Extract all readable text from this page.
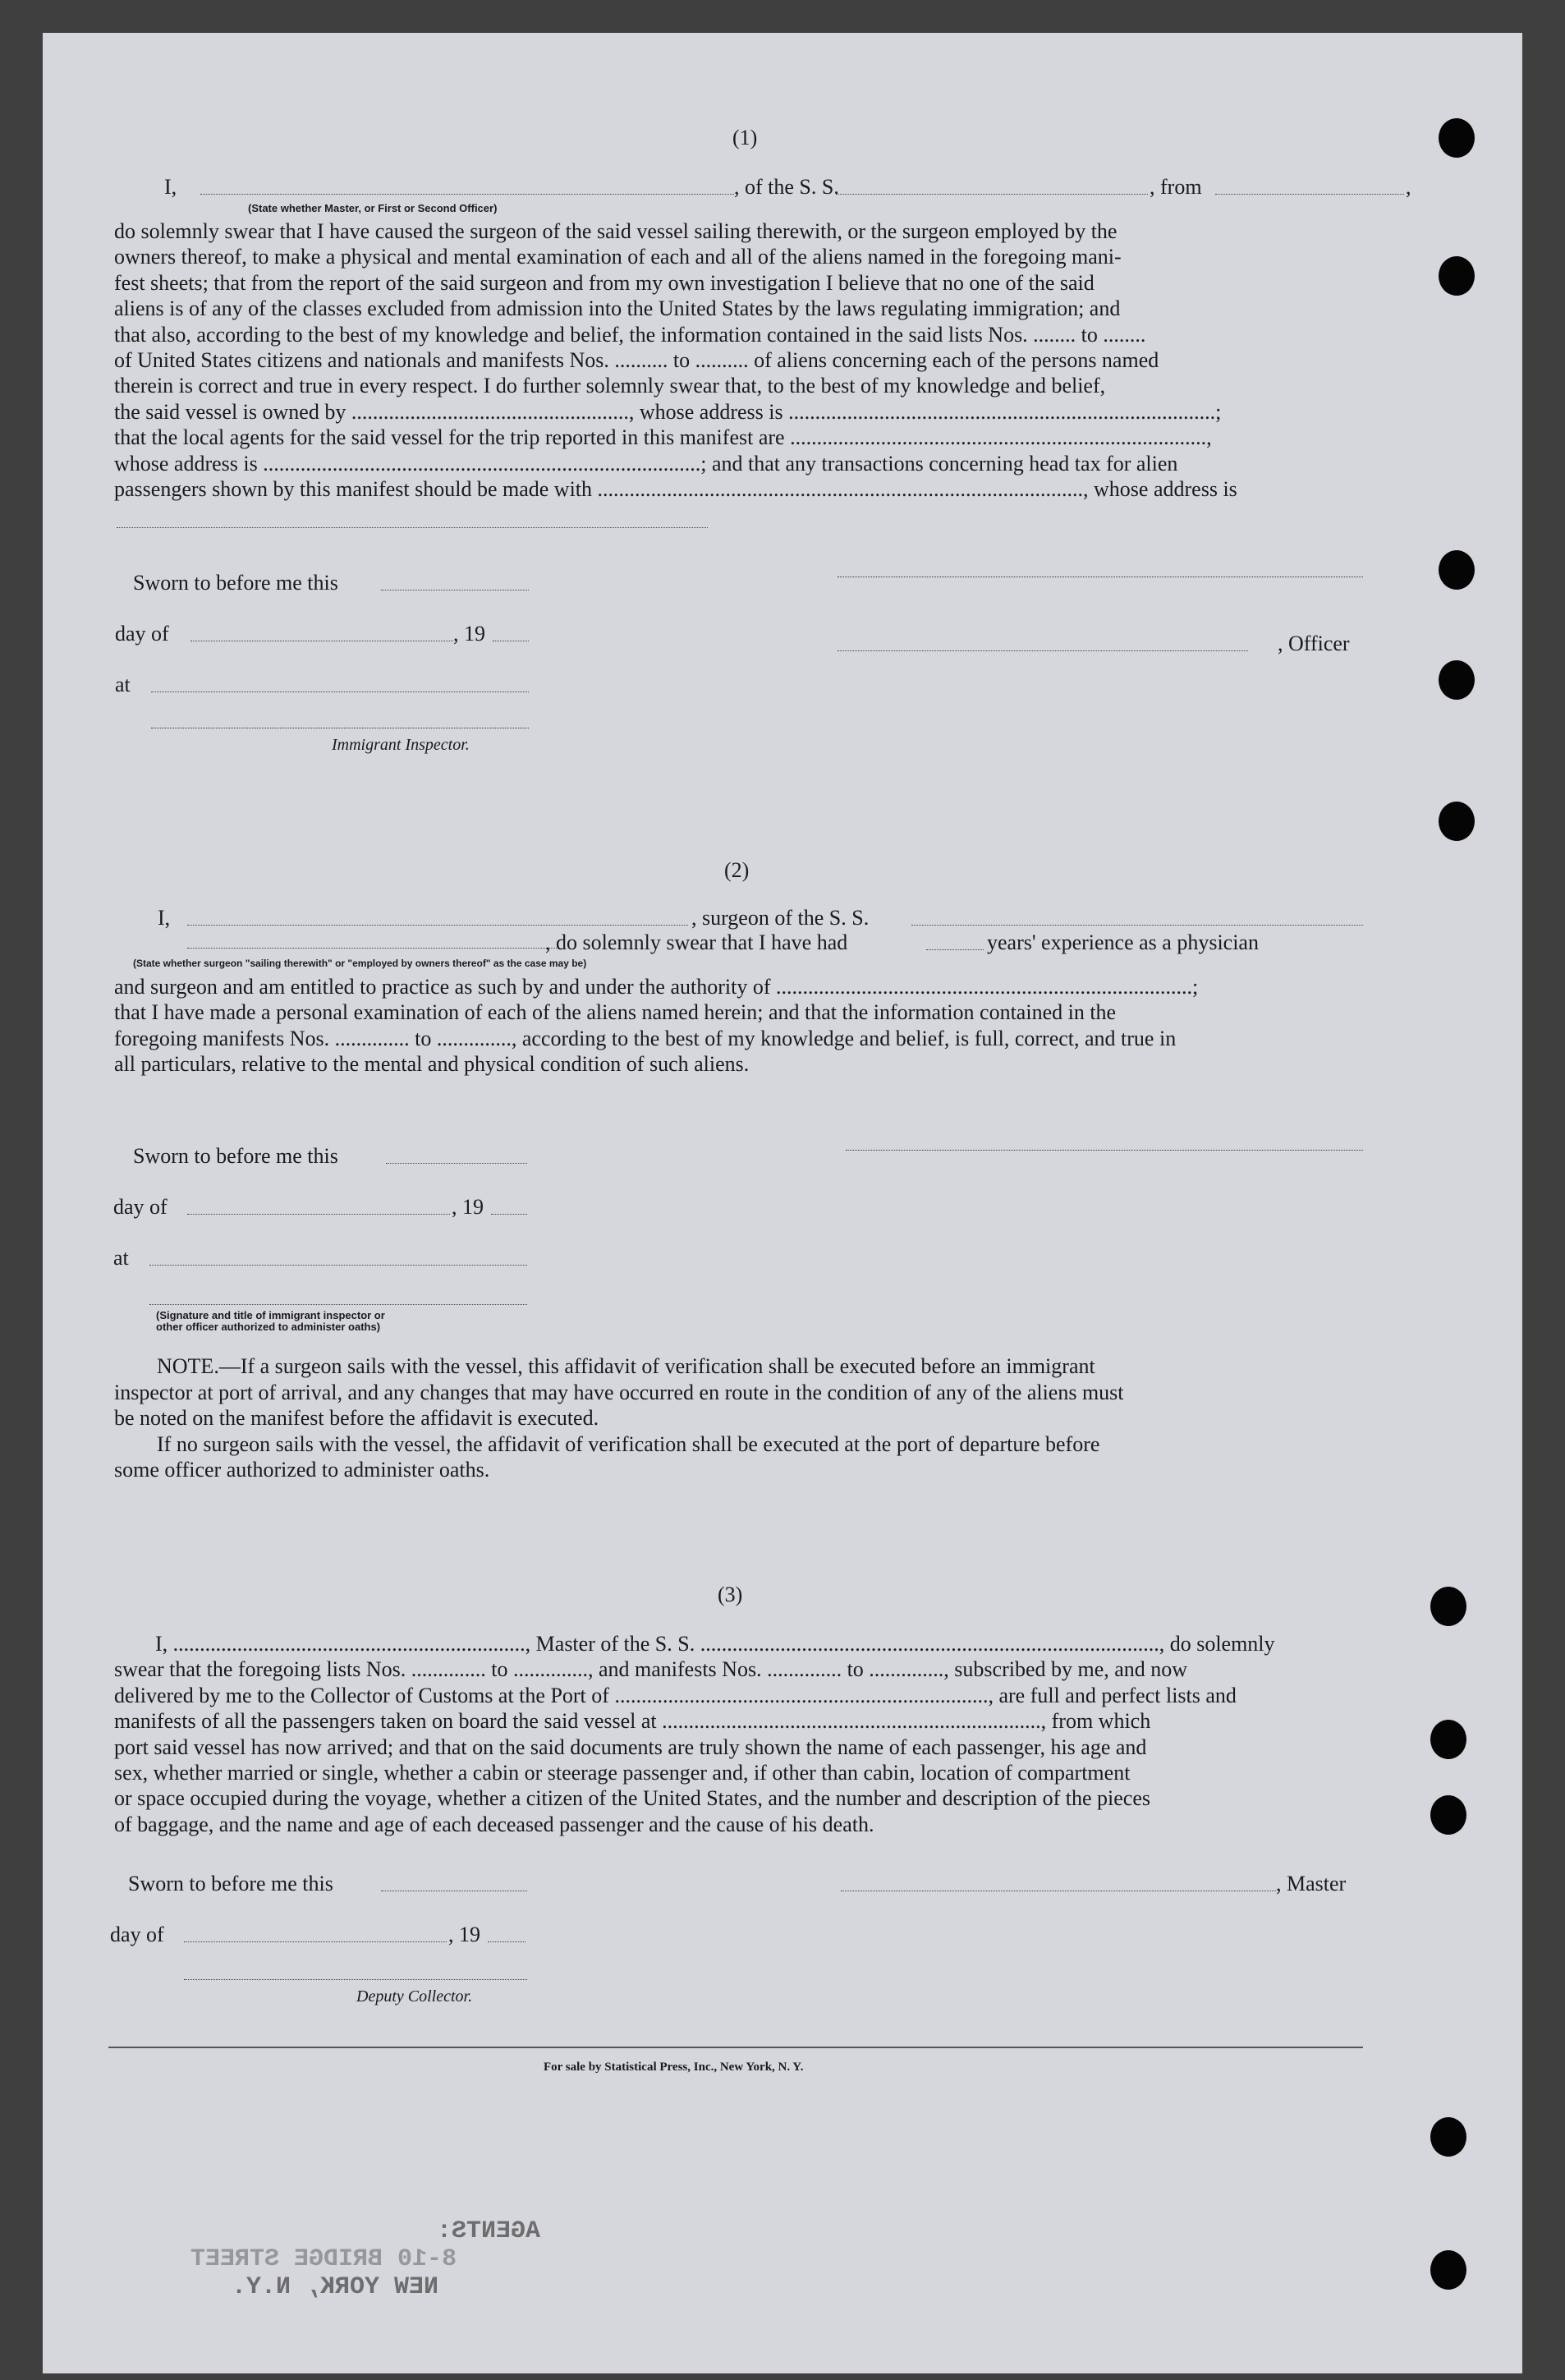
(1)
I,	, of the S. S.	, from	,
(State whether Master, or First or Second Officer)
do solemnly swear that I have caused the surgeon of the said vessel sailing therewith, or the surgeon employed by the
owners thereof, to make a physical and mental examination of each and all of the aliens named in the foregoing mani-
fest sheets; that from the report of the said surgeon and from my own investigation I believe that no one of the said
aliens is of any of the classes excluded from admission into the United States by the laws regulating immigration; and
that also, according to the best of my knowledge and belief, the information contained in the said lists Nos. ........ to ........
of United States citizens and nationals and manifests Nos. .......... to .......... of aliens concerning each of the persons named
therein is correct and true in every respect. I do further solemnly swear that, to the best of my knowledge and belief,
the said vessel is owned by ...................................................., whose address is ................................................................................;
that the local agents for the said vessel for the trip reported in this manifest are ..............................................................................,
whose address is ..................................................................................; and that any transactions concerning head tax for alien
passengers shown by this manifest should be made with ..........................................................................................., whose address is
Sworn to before me this
day of	, 19
at
Immigrant Inspector.
, Officer
(2)
I,	, surgeon of the S. S.
, do solemnly swear that I have had	years' experience as a physician
(State whether surgeon "sailing therewith" or "employed by owners thereof" as the case may be)
and surgeon and am entitled to practice as such by and under the authority of ..............................................................................;
that I have made a personal examination of each of the aliens named herein; and that the information contained in the
foregoing manifests Nos. .............. to .............., according to the best of my knowledge and belief, is full, correct, and true in
all particulars, relative to the mental and physical condition of such aliens.
Sworn to before me this
day of	, 19
at
(Signature and title of immigrant inspector or
other officer authorized to administer oaths)
NOTE.—If a surgeon sails with the vessel, this affidavit of verification shall be executed before an immigrant
inspector at port of arrival, and any changes that may have occurred en route in the condition of any of the aliens must
be noted on the manifest before the affidavit is executed.
If no surgeon sails with the vessel, the affidavit of verification shall be executed at the port of departure before
some officer authorized to administer oaths.
(3)
I, .................................................................., Master of the S. S. ......................................................................................, do solemnly
swear that the foregoing lists Nos. .............. to .............., and manifests Nos. .............. to .............., subscribed by me, and now
delivered by me to the Collector of Customs at the Port of ......................................................................, are full and perfect lists and
manifests of all the passengers taken on board the said vessel at ......................................................................., from which
port said vessel has now arrived; and that on the said documents are truly shown the name of each passenger, his age and
sex, whether married or single, whether a cabin or steerage passenger and, if other than cabin, location of compartment
or space occupied during the voyage, whether a citizen of the United States, and the number and description of the pieces
of baggage, and the name and age of each deceased passenger and the cause of his death.
Sworn to before me this	, Master
day of	, 19
Deputy Collector.
For sale by Statistical Press, Inc., New York, N. Y.
AGENTS:
8-10 BRIDGE STREET
NEW YORK, N.Y.
